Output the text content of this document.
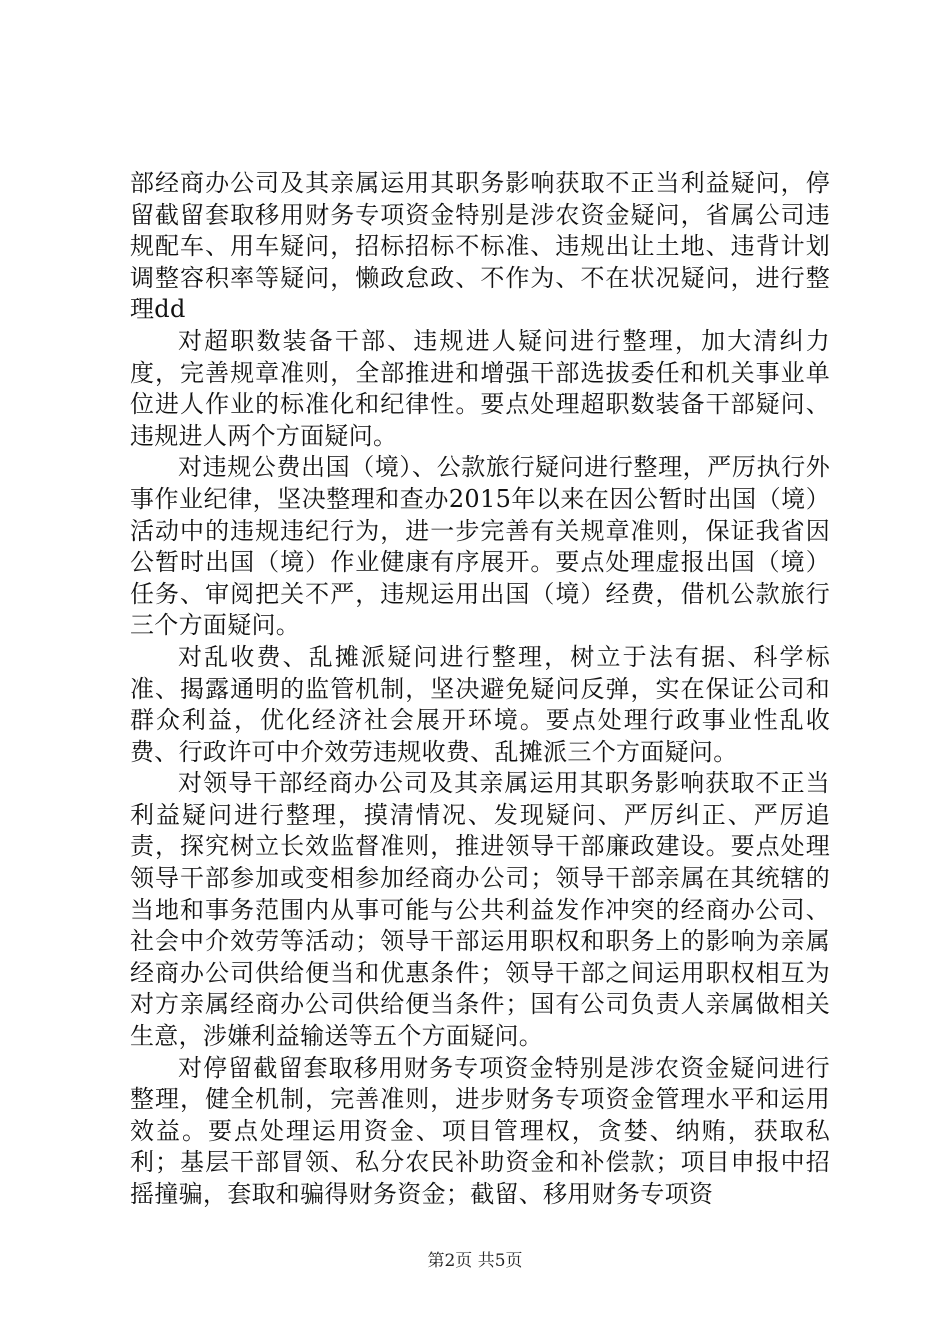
部经商办公司及其亲属运用其职务影响获取不正当利益疑问，停留截留套取移用财务专项资金特别是涉农资金疑问，省属公司违规配车、用车疑问，招标招标不标准、违规出让土地、违背计划调整容积率等疑问，懒政怠政、不作为、不在状况疑问，进行整理dd

对超职数装备干部、违规进人疑问进行整理，加大清纠力度，完善规章准则，全部推进和增强干部选拔委任和机关事业单位进人作业的标准化和纪律性。要点处理超职数装备干部疑问、违规进人两个方面疑问。

对违规公费出国（境）、公款旅行疑问进行整理，严厉执行外事作业纪律，坚决整理和查办2015年以来在因公暂时出国（境）活动中的违规违纪行为，进一步完善有关规章准则，保证我省因公暂时出国（境）作业健康有序展开。要点处理虚报出国（境）任务、审阅把关不严，违规运用出国（境）经费，借机公款旅行三个方面疑问。

对乱收费、乱摊派疑问进行整理，树立于法有据、科学标准、揭露通明的监管机制，坚决避免疑问反弹，实在保证公司和群众利益，优化经济社会展开环境。要点处理行政事业性乱收费、行政许可中介效劳违规收费、乱摊派三个方面疑问。

对领导干部经商办公司及其亲属运用其职务影响获取不正当利益疑问进行整理，摸清情况、发现疑问、严厉纠正、严厉追责，探究树立长效监督准则，推进领导干部廉政建设。要点处理领导干部参加或变相参加经商办公司；领导干部亲属在其统辖的当地和事务范围内从事可能与公共利益发作冲突的经商办公司、社会中介效劳等活动；领导干部运用职权和职务上的影响为亲属经商办公司供给便当和优惠条件；领导干部之间运用职权相互为对方亲属经商办公司供给便当条件；国有公司负责人亲属做相关生意，涉嫌利益输送等五个方面疑问。

对停留截留套取移用财务专项资金特别是涉农资金疑问进行整理，健全机制，完善准则，进步财务专项资金管理水平和运用效益。要点处理运用资金、项目管理权，贪婪、纳贿，获取私利；基层干部冒领、私分农民补助资金和补偿款；项目申报中招摇撞骗，套取和骗得财务资金；截留、移用财务专项资

第2页 共5页
